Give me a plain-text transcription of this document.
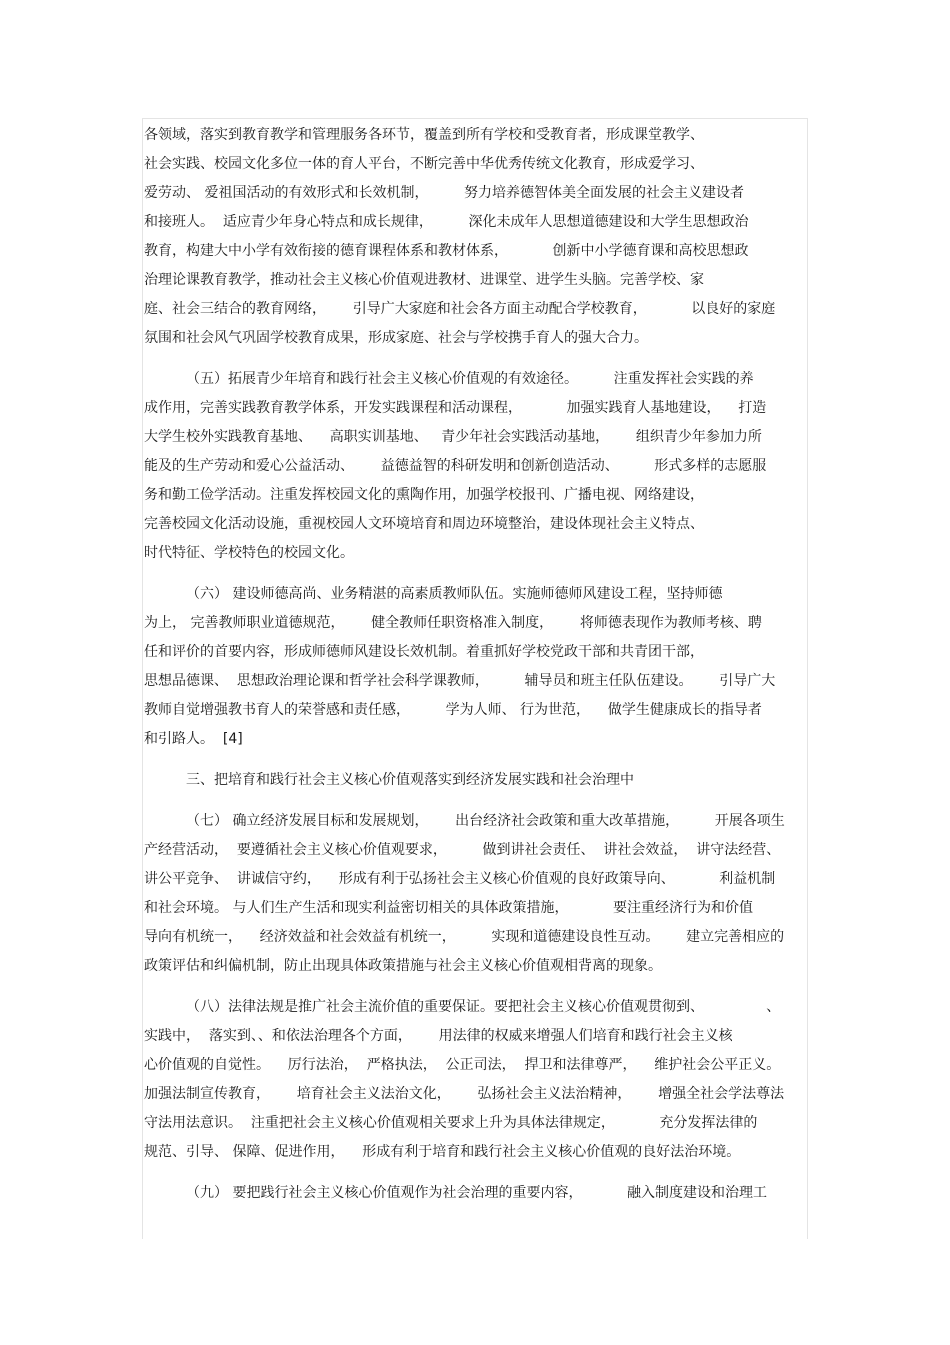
各领域，落实到教育教学和管理服务各环节，覆盖到所有学校和受教育者，形成课堂教学、
社会实践、校园文化多位一体的育人平台，不断完善中华优秀传统文化教育，形成爱学习、
爱劳动、 爱祖国活动的有效形式和长效机制，        努力培养德智体美全面发展的社会主义建设者
和接班人。  适应青少年身心特点和成长规律，        深化未成年人思想道德建设和大学生思想政治
教育，构建大中小学有效衔接的德育课程体系和教材体系，          创新中小学德育课和高校思想政
治理论课教育教学，推动社会主义核心价值观进教材、进课堂、进学生头脑。完善学校、家
庭、社会三结合的教育网络，      引导广大家庭和社会各方面主动配合学校教育，          以良好的家庭
氛围和社会风气巩固学校教育成果，形成家庭、社会与学校携手育人的强大合力。
（五）拓展青少年培育和践行社会主义核心价值观的有效途径。        注重发挥社会实践的养
成作用，完善实践教育教学体系，开发实践课程和活动课程，          加强实践育人基地建设，    打造
大学生校外实践教育基地、    高职实训基地、   青少年社会实践活动基地，      组织青少年参加力所
能及的生产劳动和爱心公益活动、      益德益智的科研发明和创新创造活动、        形式多样的志愿服
务和勤工俭学活动。注重发挥校园文化的熏陶作用，加强学校报刊、广播电视、网络建设，
完善校园文化活动设施，重视校园人文环境培育和周边环境整治，建设体现社会主义特点、
时代特征、学校特色的校园文化。
（六） 建设师德高尚、业务精湛的高素质教师队伍。实施师德师风建设工程，坚持师德
为上， 完善教师职业道德规范，      健全教师任职资格准入制度，      将师德表现作为教师考核、聘
任和评价的首要内容，形成师德师风建设长效机制。着重抓好学校党政干部和共青团干部，
思想品德课、  思想政治理论课和哲学社会科学课教师，        辅导员和班主任队伍建设。      引导广大
教师自觉增强教书育人的荣誉感和责任感，        学为人师、 行为世范，    做学生健康成长的指导者
和引路人。  [4]
三、把培育和践行社会主义核心价值观落实到经济发展实践和社会治理中
（七） 确立经济发展目标和发展规划，      出台经济社会政策和重大改革措施，        开展各项生
产经营活动，  要遵循社会主义核心价值观要求，        做到讲社会责任、  讲社会效益，  讲守法经营、
讲公平竞争、  讲诚信守约，    形成有利于弘扬社会主义核心价值观的良好政策导向、          利益机制
和社会环境。 与人们生产生活和现实利益密切相关的具体政策措施，          要注重经济行为和价值
导向有机统一，    经济效益和社会效益有机统一，        实现和道德建设良性互动。      建立完善相应的
政策评估和纠偏机制，防止出现具体政策措施与社会主义核心价值观相背离的现象。
（八）法律法规是推广社会主流价值的重要保证。要把社会主义核心价值观贯彻到、              、
实践中，  落实到、、和依法治理各个方面，      用法律的权威来增强人们培育和践行社会主义核
心价值观的自觉性。    厉行法治，  严格执法，  公正司法，  捍卫和法律尊严，    维护社会公平正义。
加强法制宣传教育，      培育社会主义法治文化，      弘扬社会主义法治精神，      增强全社会学法尊法
守法用法意识。  注重把社会主义核心价值观相关要求上升为具体法律规定，          充分发挥法律的
规范、引导、 保障、促进作用，    形成有利于培育和践行社会主义核心价值观的良好法治环境。
（九） 要把践行社会主义核心价值观作为社会治理的重要内容，          融入制度建设和治理工
